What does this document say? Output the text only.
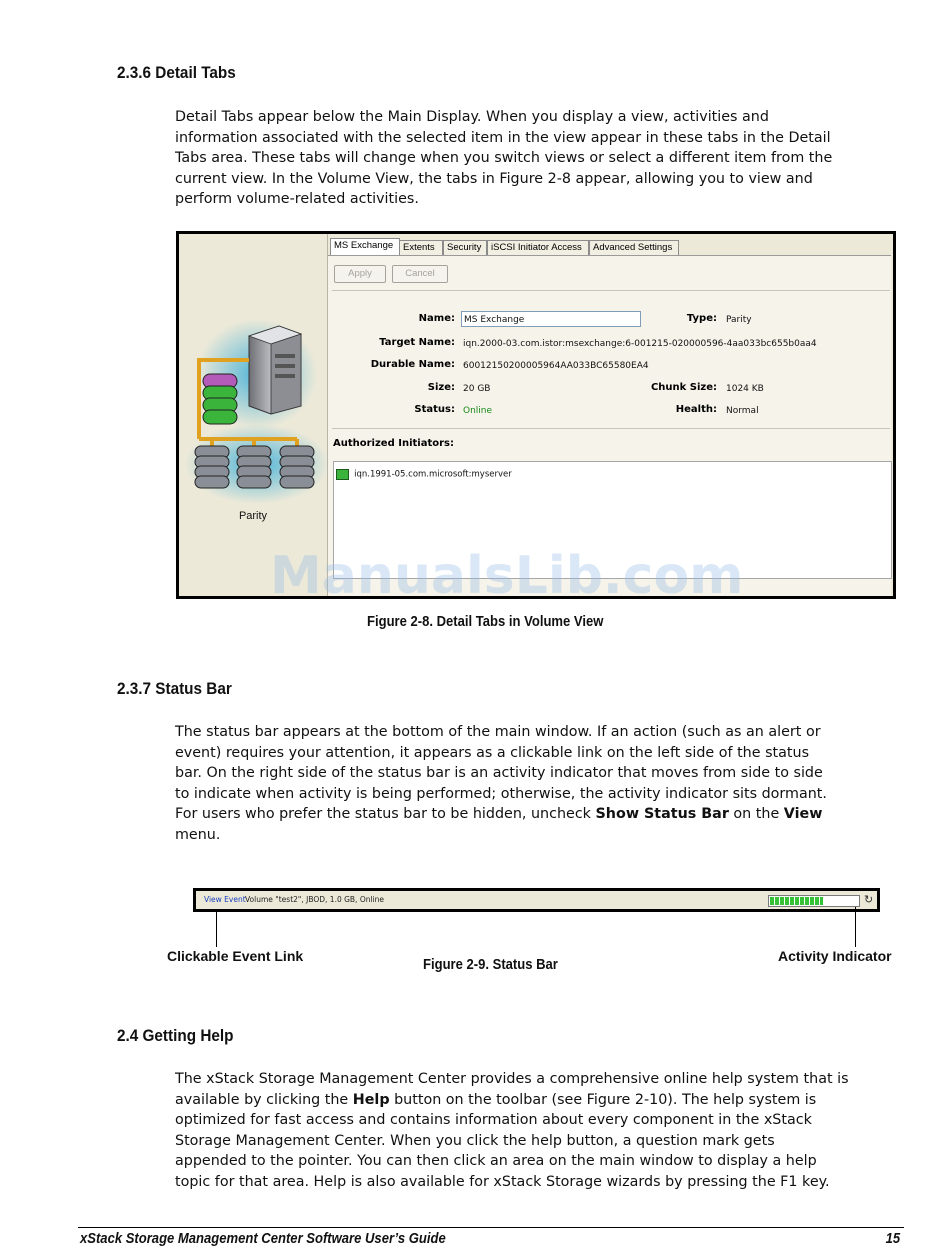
2.3.6 Detail Tabs
Detail Tabs appear below the Main Display. When you display a view, activities and
information associated with the selected item in the view appear in these tabs in the Detail
Tabs area. These tabs will change when you switch views or select a different item from the
current view. In the Volume View, the tabs in Figure 2-8 appear, allowing you to view and
perform volume-related activities.
Parity
MS Exchange	Extents	Security	iSCSI Initiator Access	Advanced Settings
Apply	Cancel
Name:	MS Exchange	Type: Parity
Target Name: iqn.2000-03.com.istor:msexchange:6-001215-020000596-4aa033bc655b0aa4
Durable Name: 60012150200005964AA033BC65580EA4
Size: 20 GB	Chunk Size: 1024 KB
Status: Online	Health: Normal
Authorized Initiators:
iqn.1991-05.com.microsoft:myserver
ManualsLib.com
Figure 2-8. Detail Tabs in Volume View
2.3.7 Status Bar
The status bar appears at the bottom of the main window. If an action (such as an alert or
event) requires your attention, it appears as a clickable link on the left side of the status
bar. On the right side of the status bar is an activity indicator that moves from side to side
to indicate when activity is being performed; otherwise, the activity indicator sits dormant.
For users who prefer the status bar to be hidden, uncheck Show Status Bar on the View
menu.
View Event Volume "test2", JBOD, 1.0 GB, Online	↻
Clickable Event Link	Activity Indicator
Figure 2-9. Status Bar
2.4 Getting Help
The xStack Storage Management Center provides a comprehensive online help system that is
available by clicking the Help button on the toolbar (see Figure 2-10). The help system is
optimized for fast access and contains information about every component in the xStack
Storage Management Center. When you click the help button, a question mark gets
appended to the pointer. You can then click an area on the main window to display a help
topic for that area. Help is also available for xStack Storage wizards by pressing the F1 key.
xStack Storage Management Center Software User’s Guide	15
